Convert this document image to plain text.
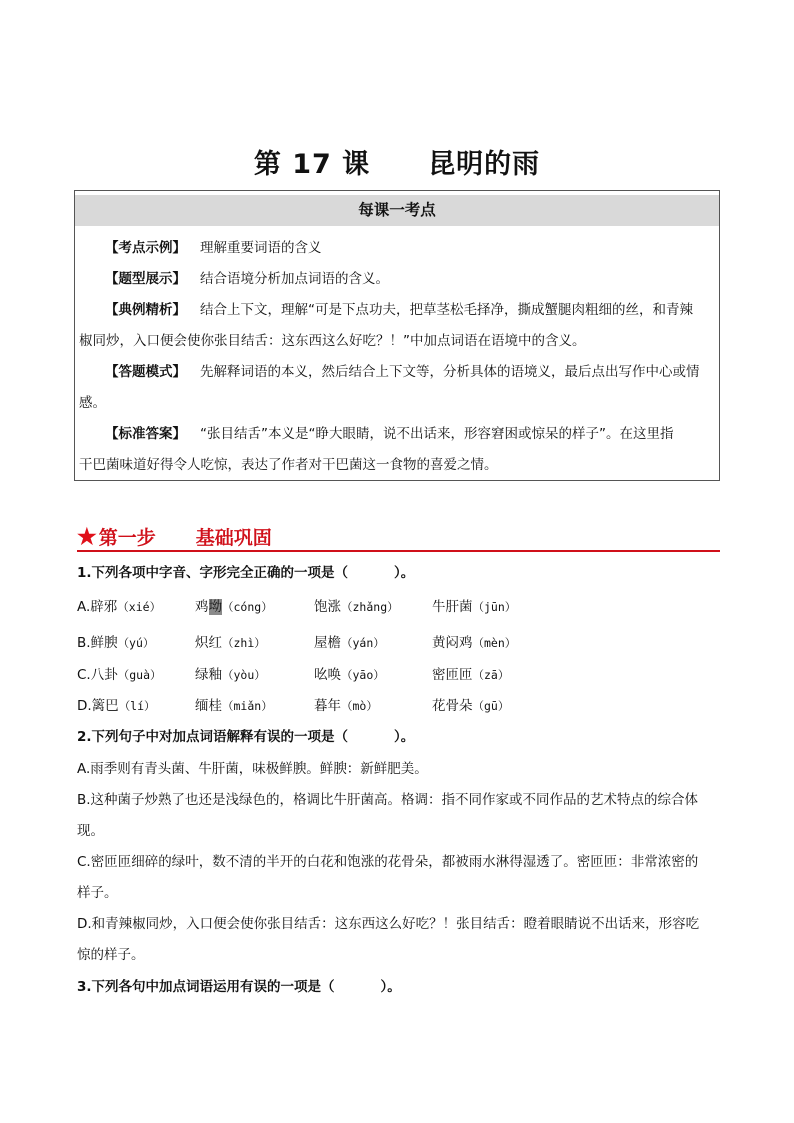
第 17 课 昆明的雨
每课一考点
【考点示例】 理解重要词语的含义
【题型展示】 结合语境分析加点词语的含义。
【典例精析】 结合上下文，理解“可是下点功夫，把草茎松毛择净，撕成蟹腿肉粗细的丝，和青辣
椒同炒，入口便会使你张目结舌：这东西这么好吃？！”中加点词语在语境中的含义。
【答题模式】 先解释词语的本义，然后结合上下文等，分析具体的语境义，最后点出写作中心或情
感。
【标准答案】 “张目结舌”本义是“睁大眼睛，说不出话来，形容窘困或惊呆的样子”。在这里指
干巴菌味道好得令人吃惊，表达了作者对干巴菌这一食物的喜爱之情。
★ 第一步 基础巩固
1.下列各项中字音、字形完全正确的一项是（	）。
A.辟邪（xié）	鸡坳（cóng）	饱涨（zhǎng） 牛肝菌（jūn）
B.鲜腴（yú）	炽红（zhì）	屋檐（yán）	黄闷鸡（mèn）
C.八卦（guà） 绿釉（yòu）	吆唤（yāo）	密匝匝（zā）
D.篱巴（lí）	缅桂（miǎn）	暮年（mò）	花骨朵（gū）
2.下列句子中对加点词语解释有误的一项是（	）。
A.雨季则有青头菌、牛肝菌，味极鲜腴。鲜腴：新鲜肥美。
B.这种菌子炒熟了也还是浅绿色的，格调比牛肝菌高。格调：指不同作家或不同作品的艺术特点的综合体
现。
C.密匝匝细碎的绿叶，数不清的半开的白花和饱涨的花骨朵，都被雨水淋得湿透了。密匝匝：非常浓密的
样子。
D.和青辣椒同炒，入口便会使你张目结舌：这东西这么好吃？！张目结舌：瞪着眼睛说不出话来，形容吃
惊的样子。
3.下列各句中加点词语运用有误的一项是（	）。
